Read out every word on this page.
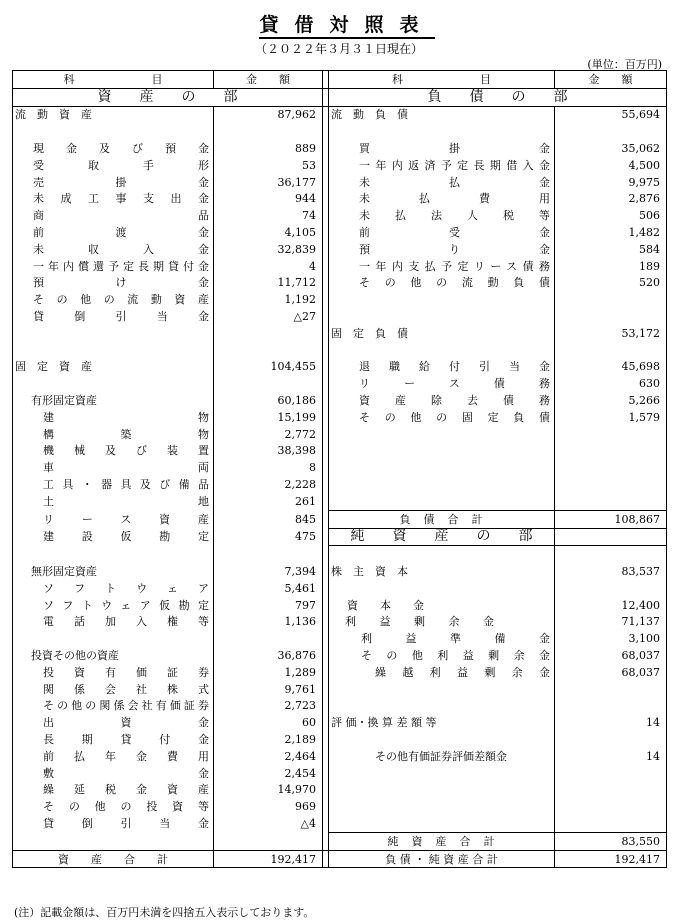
貸借対照表
（２０２２年３月３１日現在）
(単位：百万円)
科　　　　　　　目	金　　額		科　　　　　　　目	金　　額
資　　産　　の　　部			負　　債　　の　　部	
流　動　資　産	87,962		流　動　負　債	55,694

現金及び預金	889		買掛金	35,062
受取手形	53		一年内返済予定長期借入金	4,500
売掛金	36,177		未払金	9,975
未成工事支出金	944		未払費用	2,876
商品	74		未払法人税等	506
前渡金	4,105		前受金	1,482
未収入金	32,839		預り金	584
一年内償還予定長期貸付金	4		一年内支払予定リース債務	189
預け金	11,712		その他の流動負債	520
その他の流動資産	1,192			
貸倒引当金	△27			
			固　定　負　債	53,172

固　定　資　産	104,455		退職給付引当金	45,698
			リース債務	630
有形固定資産	60,186		資産除去債務	5,266
建物	15,199		その他の固定負債	1,579
構築物	2,772			
機械及び装置	38,398			
車両	8			
工具・器具及び備品	2,228			
土地	261			
リース資産	845		負　債　合　計	108,867
建設仮勘定	475		純　　資　　産　　の　　部	

無形固定資産	7,394		株　主　資　本	83,537
ソフトウェア	5,461			
ソフトウェア仮勘定	797		資　　本　　金	12,400
電話加入権等	1,136		利益剰余金	71,137
			利益準備金	3,100
投資その他の資産	36,876		その他利益剰余金	68,037
投資有価証券	1,289		繰越利益剰余金	68,037
関係会社株式	9,761			
その他の関係会社有価証券	2,723			
出資金	60		評 価・換 算 差 額 等	14
長期貸付金	2,189			
前払年金費用	2,464		その他有価証券評価差額金	14
敷金	2,454			
繰延税金資産	14,970			
その他の投資等	969			
貸倒引当金	△4			
			純　資　産　合　計	83,550
資　　産　　合　　計	192,417		負 債 ・ 純 資 産 合 計	192,417
(注）記載金額は、百万円未満を四捨五入表示しております。
